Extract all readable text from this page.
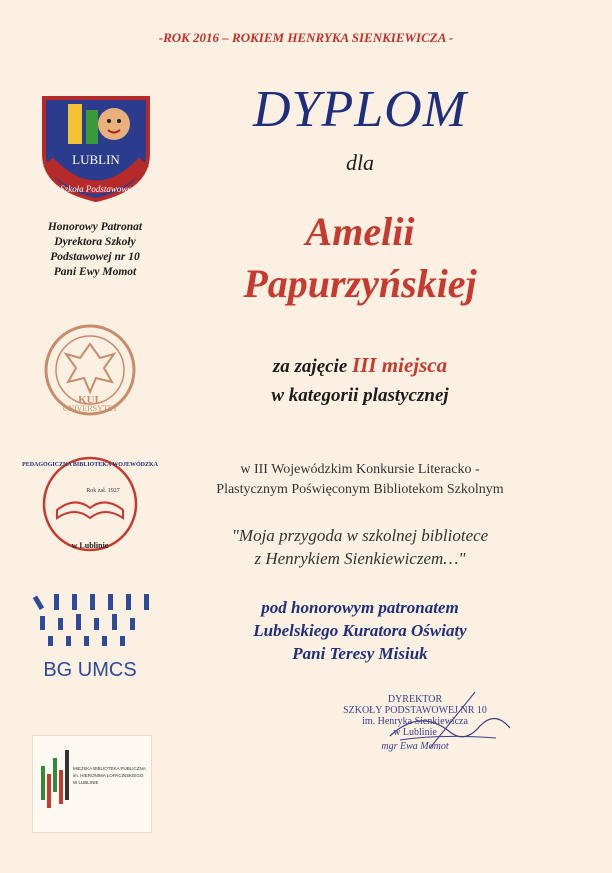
-ROK 2016 – ROKIEM HENRYKA SIENKIEWICZA -
LUBLIN
Szkoła Podstawowa
Honorowy Patronat
Dyrektora Szkoły
Podstawowej nr 10
Pani Ewy Momot
UNIVERSYTET
KUL
PEDAGOGICZNA BIBLIOTEKA WOJEWÓDZKA
Rok zał. 1927
w Lublinie
BG UMCS
MIEJSKA BIBLIOTEKA PUBLICZNA
im. HIERONIMA ŁOPACIŃSKIEGO
W LUBLINIE
DYPLOM
dla
Amelii
Papurzyńskiej
za zajęcie III miejsca
w kategorii plastycznej
w III Wojewódzkim Konkursie Literacko -
Plastycznym Poświęconym Bibliotekom Szkolnym
"Moja przygoda w szkolnej bibliotece
z Henrykiem Sienkiewiczem…"
pod honorowym patronatem
Lubelskiego Kuratora Oświaty
Pani Teresy Misiuk
DYREKTOR
SZKOŁY PODSTAWOWEJ NR 10
im. Henryka Sienkiewicza
w Lublinie
mgr Ewa Momot
